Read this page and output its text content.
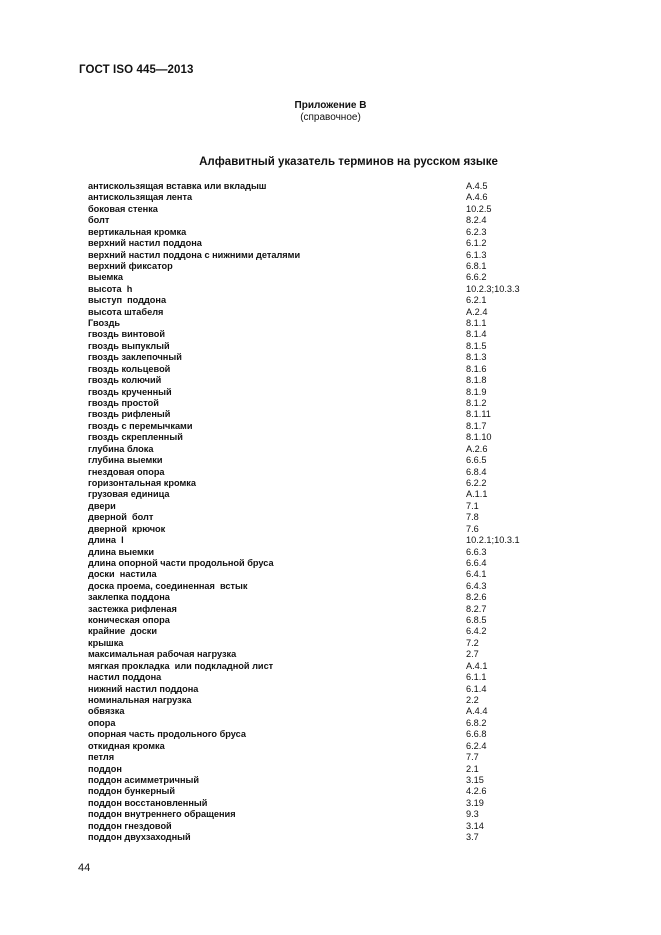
ГОСТ ISO 445—2013
Приложение В
(справочное)
Алфавитный указатель терминов на русском языке
антискользящая вставка или вкладыш	А.4.5
антискользящая лента	А.4.6
боковая стенка	10.2.5
болт	8.2.4
вертикальная кромка	6.2.3
верхний настил поддона	6.1.2
верхний настил поддона с нижними деталями	6.1.3
верхний фиксатор	6.8.1
выемка	6.6.2
высота  h	10.2.3;10.3.3
выступ  поддона	6.2.1
высота штабеля	А.2.4
Гвоздь	8.1.1
гвоздь винтовой	8.1.4
гвоздь выпуклый	8.1.5
гвоздь заклепочный	8.1.3
гвоздь кольцевой	8.1.6
гвоздь колючий	8.1.8
гвоздь крученный	8.1.9
гвоздь простой	8.1.2
гвоздь рифленый	8.1.11
гвоздь с перемычками	8.1.7
гвоздь скрепленный	8.1.10
глубина блока	А.2.6
глубина выемки	6.6.5
гнездовая опора	6.8.4
горизонтальная кромка	6.2.2
грузовая единица	А.1.1
двери	7.1
дверной  болт	7.8
дверной  крючок	7.6
длина  l	10.2.1;10.3.1
длина выемки	6.6.3
длина опорной части продольной бруса	6.6.4
доски  настила	6.4.1
доска проема, соединенная  встык	6.4.3
заклепка поддона	8.2.6
застежка рифленая	8.2.7
коническая опора	6.8.5
крайние  доски	6.4.2
крышка	7.2
максимальная рабочая нагрузка	2.7
мягкая прокладка  или подкладной лист	А.4.1
настил поддона	6.1.1
нижний настил поддона	6.1.4
номинальная нагрузка	2.2
обвязка	А.4.4
опора	6.8.2
опорная часть продольного бруса	6.6.8
откидная кромка	6.2.4
петля	7.7
поддон	2.1
поддон асимметричный	3.15
поддон бункерный	4.2.6
поддон восстановленный	3.19
поддон внутреннего обращения	9.3
поддон гнездовой	3.14
поддон двухзаходный	3.7
44
